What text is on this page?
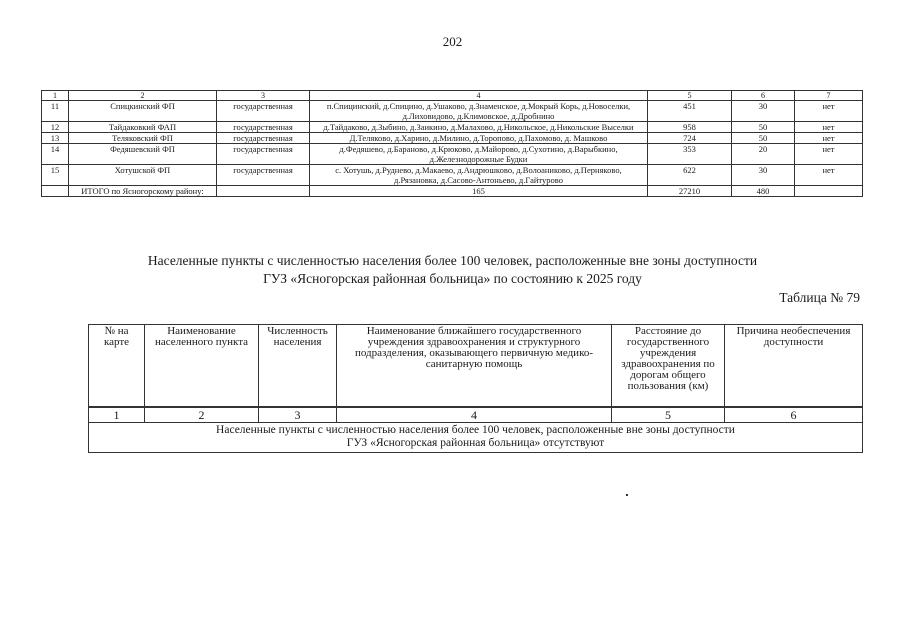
202
1	2	3	4	5	6	7
11	Спицкинский ФП	государственная	п.Спицинский, д.Спицино, д.Ушаково, д.Знаменское, д.Мокрый Корь, д.Новоселки, д.Лиховидово, д.Климовское, д.Дробнино	451	30	нет
12	Тайдаковкий ФАП	государственная	д.Тайдаково, д.Зыбино, д.Заикино, д.Малахово, д.Никольское, д.Никольские Выселки	958	50	нет
13	Теляковский ФП	государственная	Д.Теляково, д.Харино, д.Милино, д.Торопово, д.Пахомово, д. Машково	724	50	нет
14	Федяшевский ФП	государственная	д.Федяшево, д.Бараново, д.Крюково, д.Майорово, д.Сухотино, д.Варыбкино, д.Железнодорожные Будки	353	20	нет
15	Хотушской ФП	государственная	с. Хотушь, д.Руднево, д.Макаево, д.Андрюшково, д.Волоаниково, д.Перняково, д.Рязановка, д.Сасово-Антоньево, д.Гайтурово	622	30	нет
	ИТОГО по Ясногорскому району:		165	27210	480	
Населенные пункты с численностью населения более 100 человек, расположенные вне зоны доступности
ГУЗ «Ясногорская районная больница» по состоянию к 2025 году
Таблица № 79
№ на карте	Наименование населенного пункта	Численность населения	Наименование ближайшего государственного учреждения здравоохранения и структурного подразделения, оказывающего первичную медико-санитарную помощь	Расстояние до государственного учреждения здравоохранения по дорогам общего пользования (км)	Причина необеспечения доступности
1	2	3	4	5	6

Населенные пункты с численностью населения более 100 человек, расположенные вне зоны доступности
ГУЗ «Ясногорская районная больница» отсутствуют					
